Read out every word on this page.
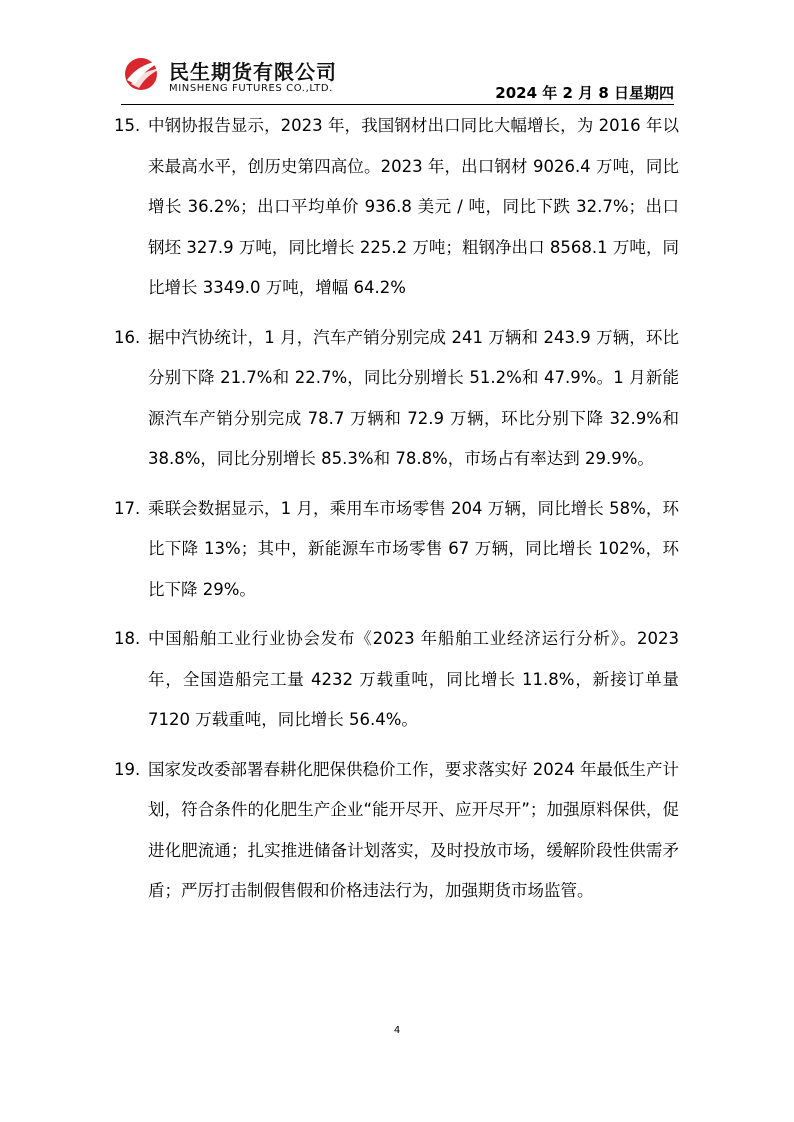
民生期货有限公司
MINSHENG FUTURES CO.,LTD.	2024 年 2 月 8 日星期四
15. 中钢协报告显示，2023 年，我国钢材出口同比大幅增长，为 2016 年以来最高水平，创历史第四高位。2023 年，出口钢材 9026.4 万吨，同比增长 36.2%；出口平均单价 936.8 美元 / 吨，同比下跌 32.7%；出口钢坯 327.9 万吨，同比增长 225.2 万吨；粗钢净出口 8568.1 万吨，同比增长 3349.0 万吨，增幅 64.2%
16. 据中汽协统计，1 月，汽车产销分别完成 241 万辆和 243.9 万辆，环比分别下降 21.7%和 22.7%，同比分别增长 51.2%和 47.9%。1 月新能源汽车产销分别完成 78.7 万辆和 72.9 万辆，环比分别下降 32.9%和 38.8%，同比分别增长 85.3%和 78.8%，市场占有率达到 29.9%。
17. 乘联会数据显示，1 月，乘用车市场零售 204 万辆，同比增长 58%，环比下降 13%；其中，新能源车市场零售 67 万辆，同比增长 102%，环比下降 29%。
18. 中国船舶工业行业协会发布《2023 年船舶工业经济运行分析》。2023 年，全国造船完工量 4232 万载重吨，同比增长 11.8%，新接订单量 7120 万载重吨，同比增长 56.4%。
19. 国家发改委部署春耕化肥保供稳价工作，要求落实好 2024 年最低生产计划，符合条件的化肥生产企业“能开尽开、应开尽开”；加强原料保供，促进化肥流通；扎实推进储备计划落实，及时投放市场，缓解阶段性供需矛盾；严厉打击制假售假和价格违法行为，加强期货市场监管。
4
